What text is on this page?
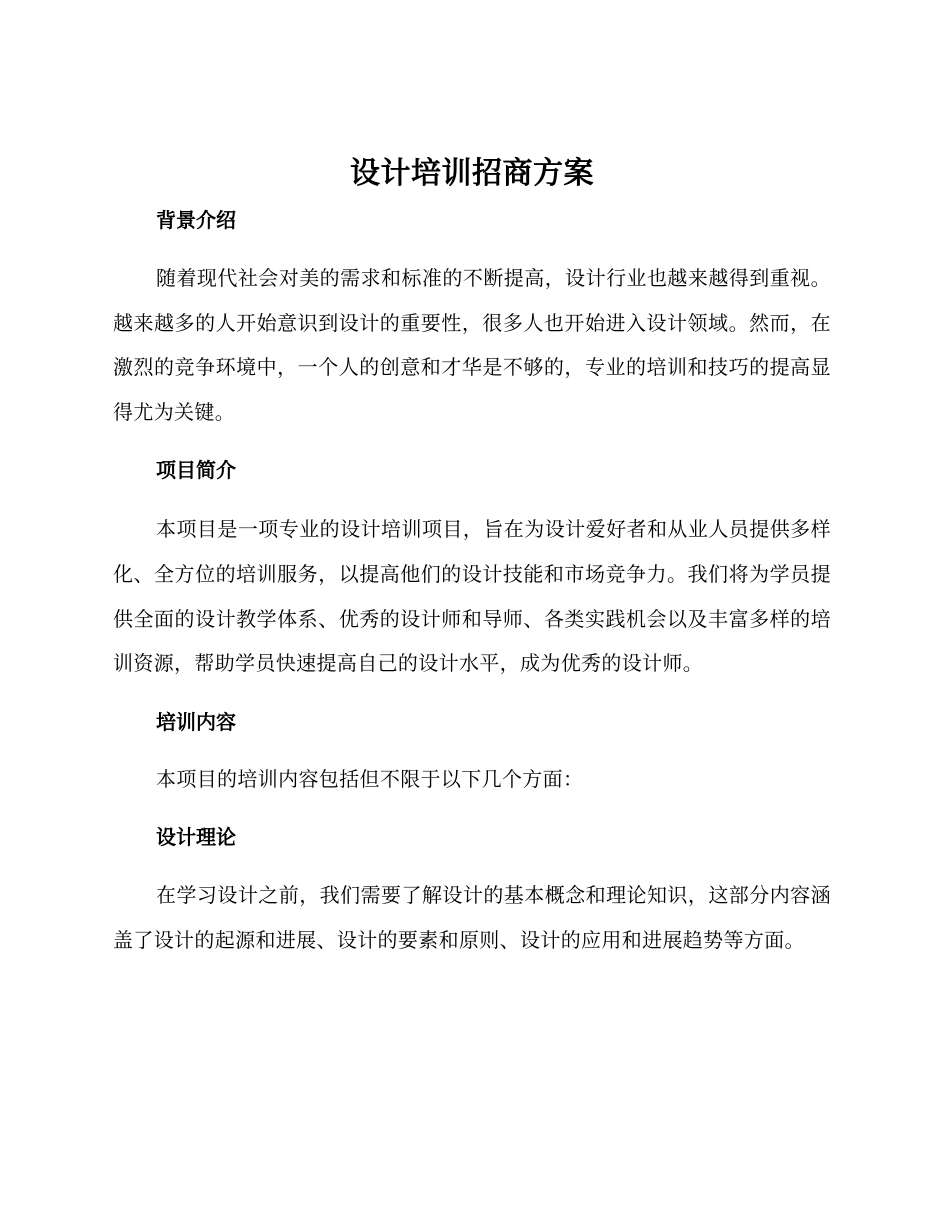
设计培训招商方案
背景介绍

随着现代社会对美的需求和标准的不断提高，设计行业也越来越得到重视。越来越多的人开始意识到设计的重要性，很多人也开始进入设计领域。然而，在激烈的竞争环境中，一个人的创意和才华是不够的，专业的培训和技巧的提高显得尤为关键。

项目简介

本项目是一项专业的设计培训项目，旨在为设计爱好者和从业人员提供多样化、全方位的培训服务，以提高他们的设计技能和市场竞争力。我们将为学员提供全面的设计教学体系、优秀的设计师和导师、各类实践机会以及丰富多样的培训资源，帮助学员快速提高自己的设计水平，成为优秀的设计师。

培训内容

本项目的培训内容包括但不限于以下几个方面：

设计理论

在学习设计之前，我们需要了解设计的基本概念和理论知识，这部分内容涵盖了设计的起源和进展、设计的要素和原则、设计的应用和进展趋势等方面。
